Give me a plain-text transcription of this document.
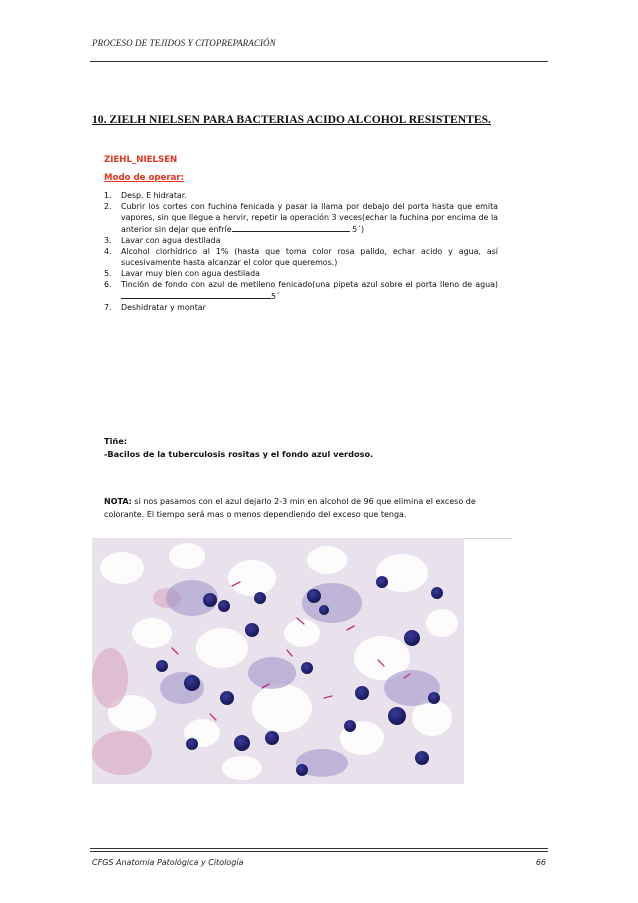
PROCESO DE TEJIDOS Y CITOPREPARACIÓN
10. ZIELH NIELSEN PARA BACTERIAS ACIDO ALCOHOL RESISTENTES.
ZIEHL_NIELSEN
Modo de operar:
1. Desp. E hidratar.
2. Cubrir los cortes con fuchina fenicada y pasar la llama por debajo del porta hasta que emita vapores, sin que llegue a hervir, repetir la operación 3 veces(echar la fuchina por encima de la anterior sin dejar que enfríe	5´)
3. Lavar con agua destilada
4. Alcohol clorhídrico al 1% (hasta que toma color rosa palido, echar acido y agua, así sucesivamente hasta alcanzar el color que queremos.)
5. Lavar muy bien con agua destilada
6. Tinción de fondo con azul de metileno fenicado(una pipeta azul sobre el porta lleno de agua)5´
7. Deshidratar y montar
Tiñe:
-Bacilos de la tuberculosis rositas y el fondo azul verdoso.
NOTA: si nos pasamos con el azul dejarlo 2-3 min en alcohol de 96 que elimina el exceso de colorante. El tiempo será mas o menos dependiendo del exceso que tenga.
CFGS Anatomía Patológica y Citología	66
